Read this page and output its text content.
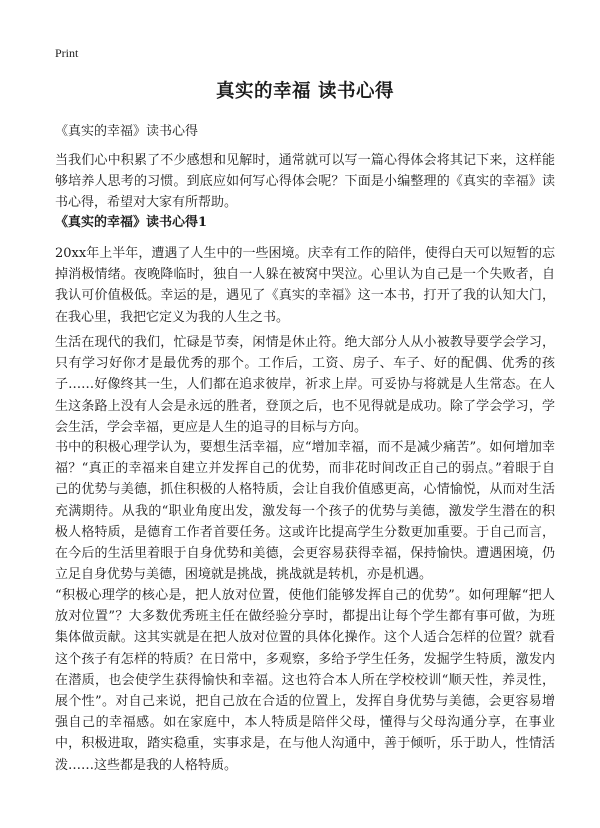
Print
真实的幸福 读书心得

《真实的幸福》读书心得

当我们心中积累了不少感想和见解时，通常就可以写一篇心得体会将其记下来，这样能够培养人思考的习惯。到底应如何写心得体会呢？下面是小编整理的《真实的幸福》读书心得，希望对大家有所帮助。

《真实的幸福》读书心得1

20xx年上半年，遭遇了人生中的一些困境。庆幸有工作的陪伴，使得白天可以短暂的忘掉消极情绪。夜晚降临时，独自一人躲在被窝中哭泣。心里认为自己是一个失败者，自我认可价值极低。幸运的是，遇见了《真实的幸福》这一本书，打开了我的认知大门，在我心里，我把它定义为我的人生之书。

生活在现代的我们，忙碌是节奏，闲情是休止符。绝大部分人从小被教导要学会学习，只有学习好你才是最优秀的那个。工作后，工资、房子、车子、好的配偶、优秀的孩子……好像终其一生，人们都在追求彼岸，祈求上岸。可妥协与将就是人生常态。在人生这条路上没有人会是永远的胜者，登顶之后，也不见得就是成功。除了学会学习，学会生活，学会幸福，更应是人生的追寻的目标与方向。

书中的积极心理学认为，要想生活幸福，应“增加幸福，而不是减少痛苦”。如何增加幸福？“真正的幸福来自建立并发挥自己的优势，而非花时间改正自己的弱点。”着眼于自己的优势与美德，抓住积极的人格特质，会让自我价值感更高，心情愉悦，从而对生活充满期待。从我的“职业角度出发，激发每一个孩子的优势与美德，激发学生潜在的积极人格特质，是德育工作者首要任务。这或许比提高学生分数更加重要。于自己而言，在今后的生活里着眼于自身优势和美德，会更容易获得幸福，保持愉快。遭遇困境，仍立足自身优势与美德，困境就是挑战，挑战就是转机，亦是机遇。

“积极心理学的核心是，把人放对位置，使他们能够发挥自己的优势”。如何理解“把人放对位置”？大多数优秀班主任在做经验分享时，都提出让每个学生都有事可做，为班集体做贡献。这其实就是在把人放对位置的具体化操作。这个人适合怎样的位置？就看这个孩子有怎样的特质？在日常中，多观察，多给予学生任务，发掘学生特质，激发内在潜质，也会使学生获得愉快和幸福。这也符合本人所在学校校训“顺天性，养灵性，展个性”。对自己来说，把自己放在合适的位置上，发挥自身优势与美德，会更容易增强自己的幸福感。如在家庭中，本人特质是陪伴父母，懂得与父母沟通分享，在事业中，积极进取，踏实稳重，实事求是，在与他人沟通中，善于倾听，乐于助人，性情活泼……这些都是我的人格特质。
